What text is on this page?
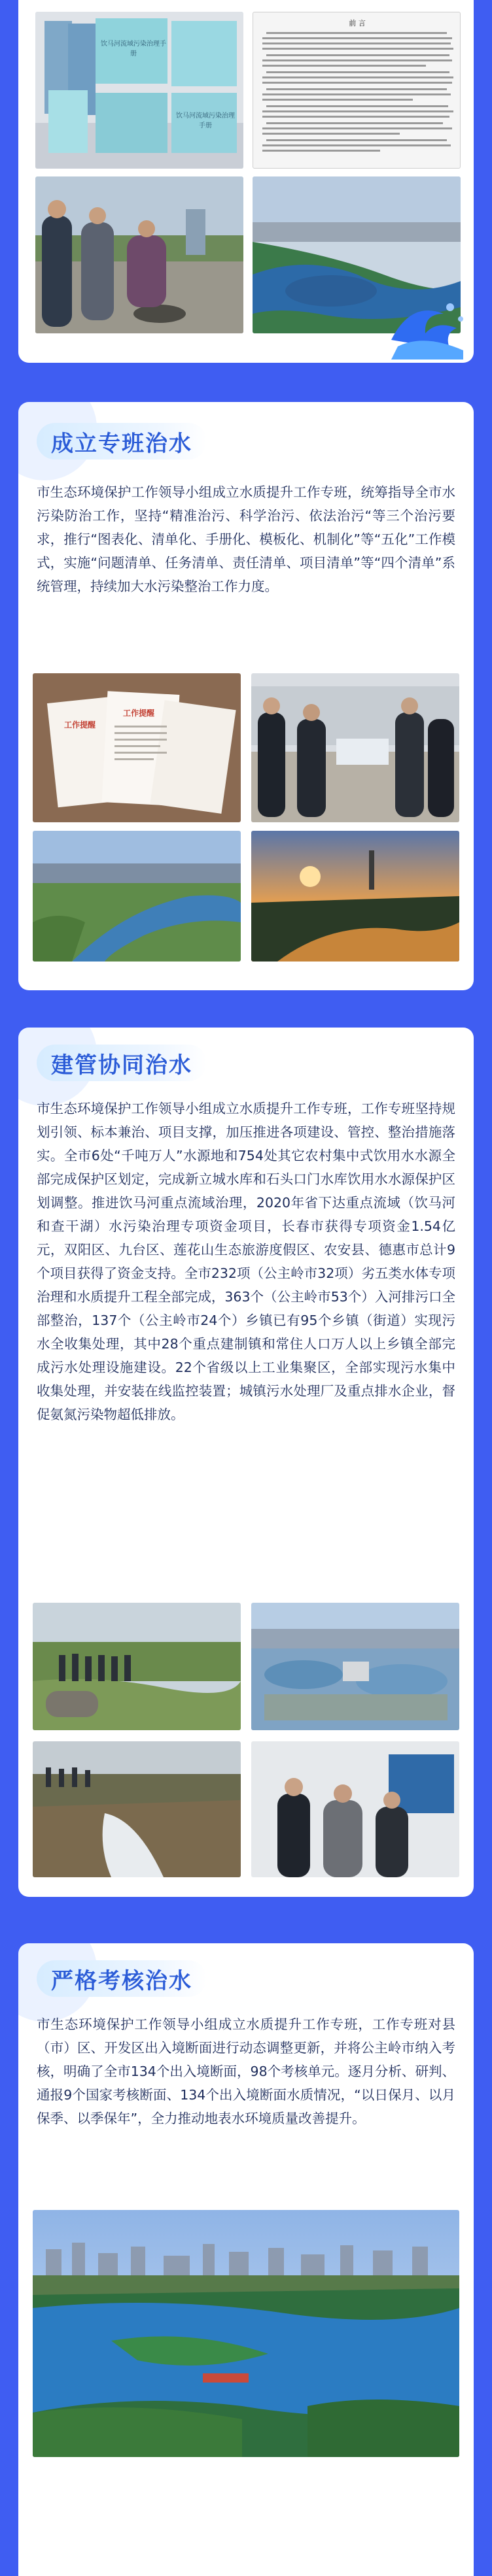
饮马河流域污染治理手册
饮马河流域污染治理手册
前 言
成立专班治水
市生态环境保护工作领导小组成立水质提升工作专班，统筹指导全市水污染防治工作，坚持“精准治污、科学治污、依法治污“等三个治污要求，推行“图表化、清单化、手册化、模板化、机制化”等“五化”工作模式，实施“问题清单、任务清单、责任清单、项目清单”等“四个清单”系统管理，持续加大水污染整治工作力度。
工作提醒
工作提醒
建管协同治水
市生态环境保护工作领导小组成立水质提升工作专班，工作专班坚持规划引领、标本兼治、项目支撑，加压推进各项建设、管控、整治措施落实。全市6处“千吨万人”水源地和754处其它农村集中式饮用水水源全部完成保护区划定，完成新立城水库和石头口门水库饮用水水源保护区划调整。推进饮马河重点流域治理，2020年省下达重点流域（饮马河和查干湖）水污染治理专项资金项目，长春市获得专项资金1.54亿元，双阳区、九台区、莲花山生态旅游度假区、农安县、德惠市总计9个项目获得了资金支持。全市232项（公主岭市32项）劣五类水体专项治理和水质提升工程全部完成，363个（公主岭市53个）入河排污口全部整治，137个（公主岭市24个）乡镇已有95个乡镇（街道）实现污水全收集处理，其中28个重点建制镇和常住人口万人以上乡镇全部完成污水处理设施建设。22个省级以上工业集聚区，全部实现污水集中收集处理，并安装在线监控装置；城镇污水处理厂及重点排水企业，督促氨氮污染物超低排放。
严格考核治水
市生态环境保护工作领导小组成立水质提升工作专班，工作专班对县（市）区、开发区出入境断面进行动态调整更新，并将公主岭市纳入考核，明确了全市134个出入境断面，98个考核单元。逐月分析、研判、通报9个国家考核断面、134个出入境断面水质情况，“以日保月、以月保季、以季保年”，全力推动地表水环境质量改善提升。
